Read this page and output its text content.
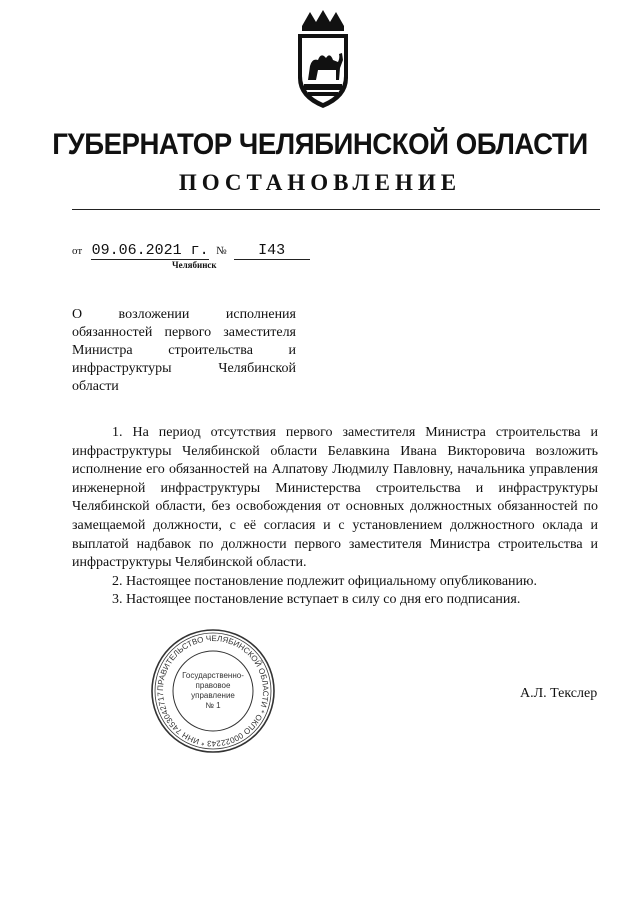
ГУБЕРНАТОР ЧЕЛЯБИНСКОЙ ОБЛАСТИ
ПОСТАНОВЛЕНИЕ
от 09.06.2021 г. № I43
Челябинск
О возложении исполнения обязанностей первого заместителя Министра строительства и инфраструктуры Челябинской области

1. На период отсутствия первого заместителя Министра строительства и инфраструктуры Челябинской области Белавкина Ивана Викторовича возложить исполнение его обязанностей на Алпатову Людмилу Павловну, начальника управления инженерной инфраструктуры Министерства строительства и инфраструктуры Челябинской области, без освобождения от основных должностных обязанностей по замещаемой должности, с её согласия и с установлением должностного оклада и выплатой надбавок по должности первого заместителя Министра строительства и инфраструктуры Челябинской области.

2. Настоящее постановление подлежит официальному опубликованию.

3. Настоящее постановление вступает в силу со дня его подписания.

ПРАВИТЕЛЬСТВО ЧЕЛЯБИНСКОЙ ОБЛАСТИ * ОКПО 00022243 * ИНН 7453042717
Государственно-
правовое
управление
№ 1
А.Л. Текслер
